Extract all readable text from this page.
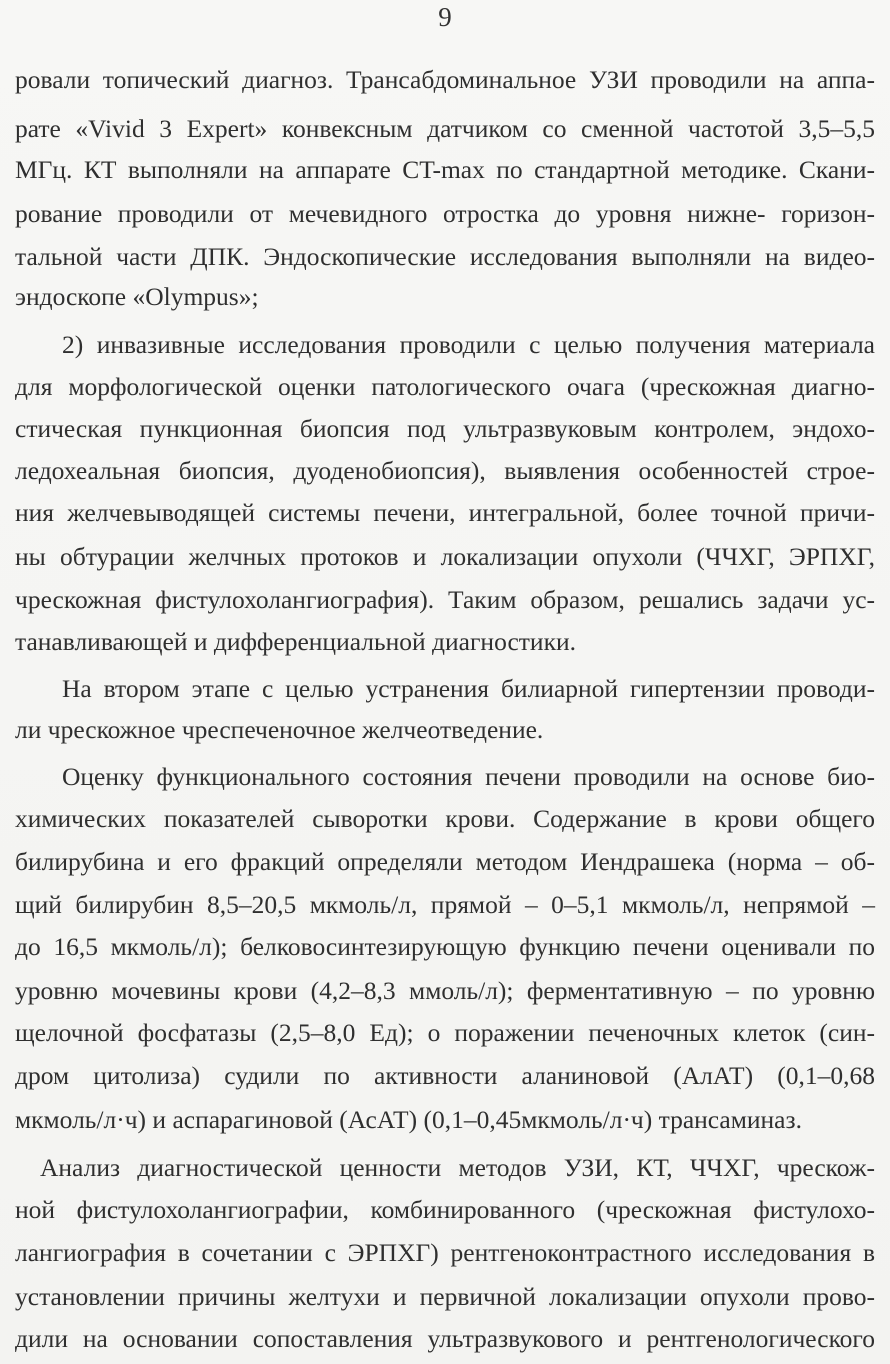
9
ровали топический диагноз. Трансабдоминальное УЗИ проводили на аппа-
рате «Vivid 3 Expert» конвексным датчиком со сменной частотой 3,5–5,5
МГц. КТ выполняли на аппарате CT-max по стандартной методике. Скани-
рование проводили от мечевидного отростка до уровня нижне- горизон-
тальной части ДПК. Эндоскопические исследования выполняли на видео-
эндоскопе «Olympus»;
2) инвазивные исследования проводили с целью получения материала
для морфологической оценки патологического очага (чрескожная диагно-
стическая пункционная биопсия под ультразвуковым контролем, эндохо-
ледохеальная биопсия, дуоденобиопсия), выявления особенностей строе-
ния желчевыводящей системы печени, интегральной, более точной причи-
ны обтурации желчных протоков и локализации опухоли (ЧЧХГ, ЭРПХГ,
чрескожная фистулохолангиография). Таким образом, решались задачи ус-
танавливающей и дифференциальной диагностики.
На втором этапе с целью устранения билиарной гипертензии проводи-
ли чрескожное чреспеченочное желчеотведение.
Оценку функционального состояния печени проводили на основе био-
химических показателей сыворотки крови. Содержание в крови общего
билирубина и его фракций определяли методом Иендрашека (норма – об-
щий билирубин 8,5–20,5 мкмоль/л, прямой – 0–5,1 мкмоль/л, непрямой –
до 16,5 мкмоль/л); белковосинтезирующую функцию печени оценивали по
уровню мочевины крови (4,2–8,3 ммоль/л); ферментативную – по уровню
щелочной фосфатазы (2,5–8,0 Ед); о поражении печеночных клеток (син-
дром цитолиза) судили по активности аланиновой (АлАТ) (0,1–0,68
мкмоль/л·ч) и аспарагиновой (АсАТ) (0,1–0,45мкмоль/л·ч) трансаминаз.
Анализ диагностической ценности методов УЗИ, КТ, ЧЧХГ, чрескож-
ной фистулохолангиографии, комбинированного (чрескожная фистулохо-
лангиография в сочетании с ЭРПХГ) рентгеноконтрастного исследования в
установлении причины желтухи и первичной локализации опухоли прово-
дили на основании сопоставления ультразвукового и рентгенологического
